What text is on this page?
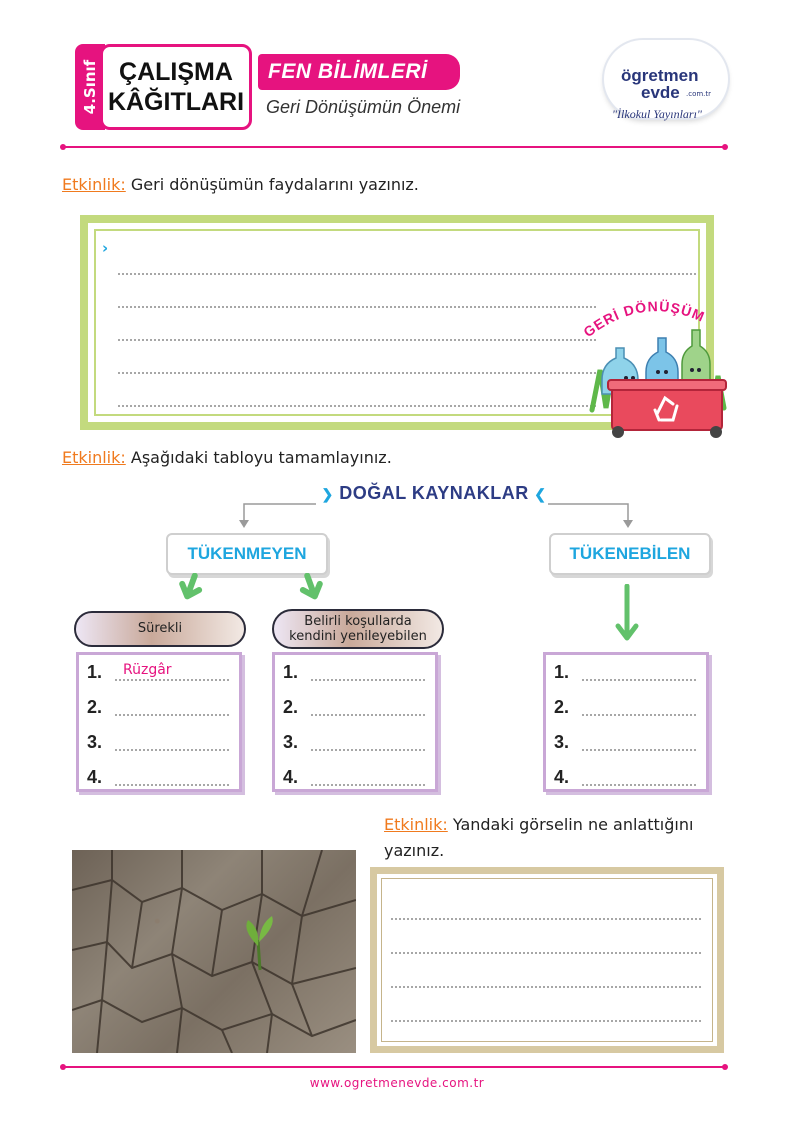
4.Sınıf ÇALIŞMA
KÂĞITLARI
FEN BİLİMLERİ
Geri Dönüşümün Önemi
ögretmen
evde .com.tr
"İlkokul Yayınları"
Etkinlik: Geri dönüşümün faydalarını yazınız.
›
GERİ DÖNÜŞÜM
Etkinlik: Aşağıdaki tabloyu tamamlayınız.
❯ DOĞAL KAYNAKLAR ❮
TÜKENMEYEN	TÜKENEBİLEN
Sürekli	Belirli koşullarda kendini yenileyebilen
1. Rüzgâr
2.
3.
4.
1.
2.
3.
4.
1.
2.
3.
4.
Etkinlik: Yandaki görselin ne anlattığını yazınız.
www.ogretmenevde.com.tr
